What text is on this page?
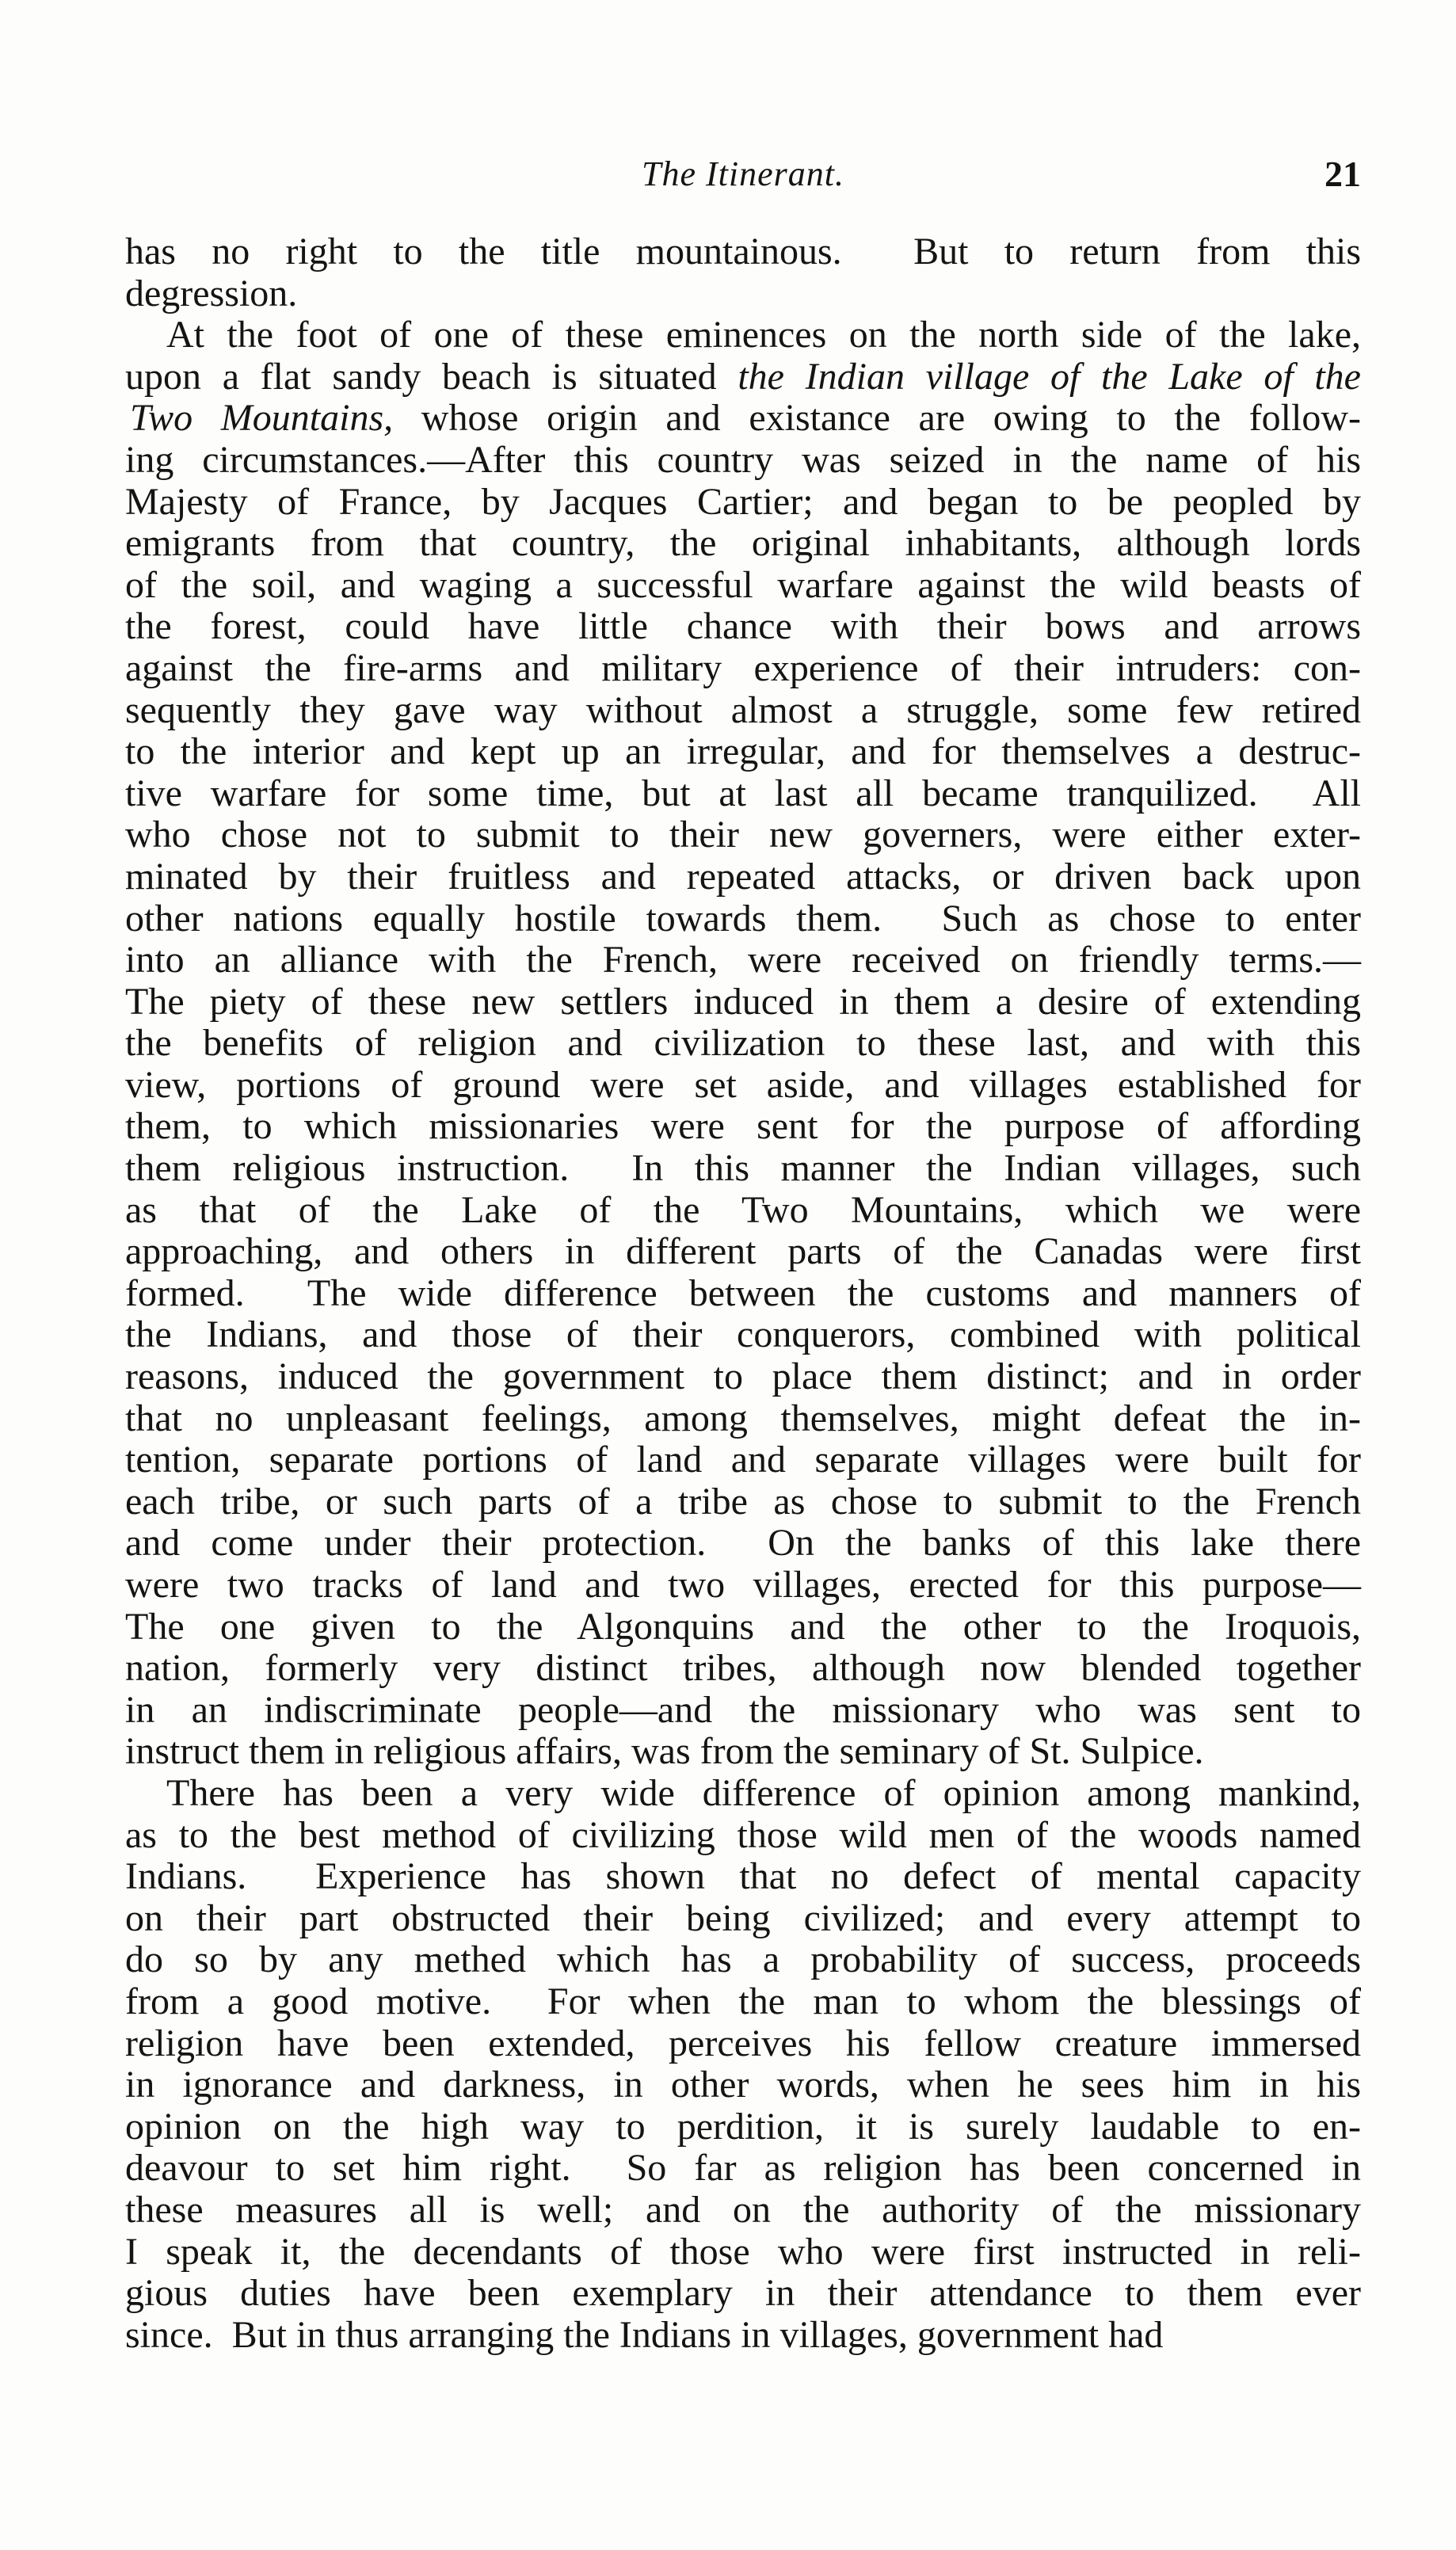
The Itinerant.	21
has no right to the title mountainous.  But to return from this
degression.
At the foot of one of these eminences on the north side of the lake,
upon a flat sandy beach is situated the Indian village of the Lake of the
Two Mountains, whose origin and existance are owing to the follow-
ing circumstances.—After this country was seized in the name of his
Majesty of France, by Jacques Cartier; and began to be peopled by
emigrants from that country, the original inhabitants, although lords
of the soil, and waging a successful warfare against the wild beasts of
the forest, could have little chance with their bows and arrows
against the fire-arms and military experience of their intruders: con-
sequently they gave way without almost a struggle, some few retired
to the interior and kept up an irregular, and for themselves a destruc-
tive warfare for some time, but at last all became tranquilized.  All
who chose not to submit to their new governers, were either exter-
minated by their fruitless and repeated attacks, or driven back upon
other nations equally hostile towards them.  Such as chose to enter
into an alliance with the French, were received on friendly terms.—
The piety of these new settlers induced in them a desire of extending
the benefits of religion and civilization to these last, and with this
view, portions of ground were set aside, and villages established for
them, to which missionaries were sent for the purpose of affording
them religious instruction.  In this manner the Indian villages, such
as that of the Lake of the Two Mountains, which we were
approaching, and others in different parts of the Canadas were first
formed.  The wide difference between the customs and manners of
the Indians, and those of their conquerors, combined with political
reasons, induced the government to place them distinct; and in order
that no unpleasant feelings, among themselves, might defeat the in-
tention, separate portions of land and separate villages were built for
each tribe, or such parts of a tribe as chose to submit to the French
and come under their protection.  On the banks of this lake there
were two tracks of land and two villages, erected for this purpose—
The one given to the Algonquins and the other to the Iroquois,
nation, formerly very distinct tribes, although now blended together
in an indiscriminate people—and the missionary who was sent to
instruct them in religious affairs, was from the seminary of St. Sulpice.
There has been a very wide difference of opinion among mankind,
as to the best method of civilizing those wild men of the woods named
Indians.  Experience has shown that no defect of mental capacity
on their part obstructed their being civilized; and every attempt to
do so by any methed which has a probability of success, proceeds
from a good motive.  For when the man to whom the blessings of
religion have been extended, perceives his fellow creature immersed
in ignorance and darkness, in other words, when he sees him in his
opinion on the high way to perdition, it is surely laudable to en-
deavour to set him right.  So far as religion has been concerned in
these measures all is well; and on the authority of the missionary
I speak it, the decendants of those who were first instructed in reli-
gious duties have been exemplary in their attendance to them ever
since.  But in thus arranging the Indians in villages, government had
